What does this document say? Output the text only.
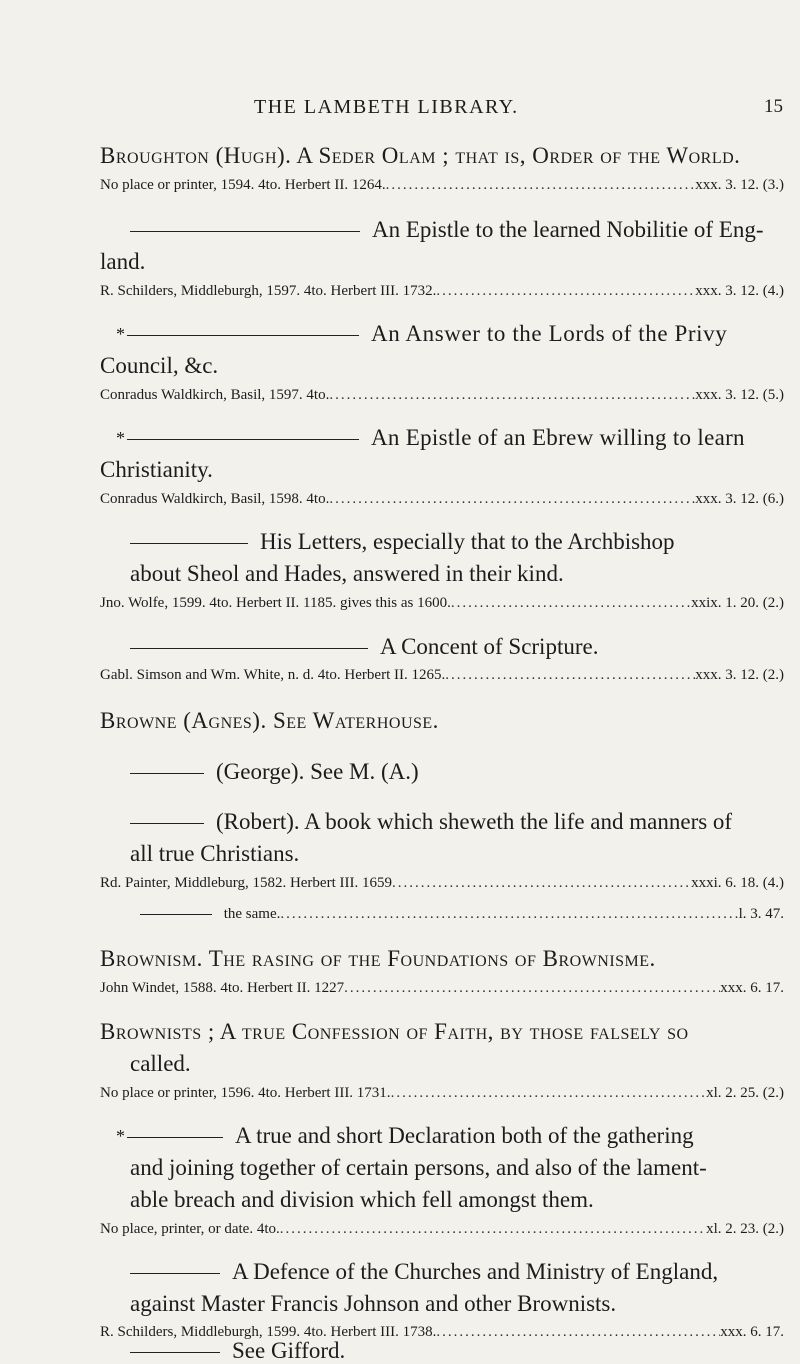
THE LAMBETH LIBRARY.	15
Broughton (Hugh). A Seder Olam ; that is, Order of the World.
No place or printer, 1594. 4to. Herbert II. 1264. .....	xxx. 3. 12. (3.)
An Epistle to the learned Nobilitie of Eng-
land.
R. Schilders, Middleburgh, 1597. 4to. Herbert III. 1732. .....	xxx. 3. 12. (4.)
*	An Answer to the Lords of the Privy
Council, &c.
Conradus Waldkirch, Basil, 1597. 4to. .....	xxx. 3. 12. (5.)
*	An Epistle of an Ebrew willing to learn
Christianity.
Conradus Waldkirch, Basil, 1598. 4to. .....	xxx. 3. 12. (6.)
His Letters, especially that to the Archbishop
about Sheol and Hades, answered in their kind.
Jno. Wolfe, 1599. 4to. Herbert II. 1185. gives this as 1600. .....	xxix. 1. 20. (2.)
A Concent of Scripture.
Gabl. Simson and Wm. White, n. d. 4to. Herbert II. 1265. .....	xxx. 3. 12. (2.)
Browne (Agnes). See Waterhouse.
(George). See M. (A.)
(Robert). A book which sheweth the life and manners of
all true Christians.
Rd. Painter, Middleburg, 1582. Herbert III. 1659 .....	xxxi. 6. 18. (4.)
the same. .....	l. 3. 47.
Brownism. The rasing of the Foundations of Brownisme.
John Windet, 1588. 4to. Herbert II. 1227 .....	xxx. 6. 17.
Brownists ; A true Confession of Faith, by those falsely so
called.
No place or printer, 1596. 4to. Herbert III. 1731. .....	xl. 2. 25. (2.)
*	A true and short Declaration both of the gathering
and joining together of certain persons, and also of the lament-
able breach and division which fell amongst them.
No place, printer, or date. 4to. .....	xl. 2. 23. (2.)
A Defence of the Churches and Ministry of England,
against Master Francis Johnson and other Brownists.
R. Schilders, Middleburgh, 1599. 4to. Herbert III. 1738. .....	xxx. 6. 17.
See Gifford.
